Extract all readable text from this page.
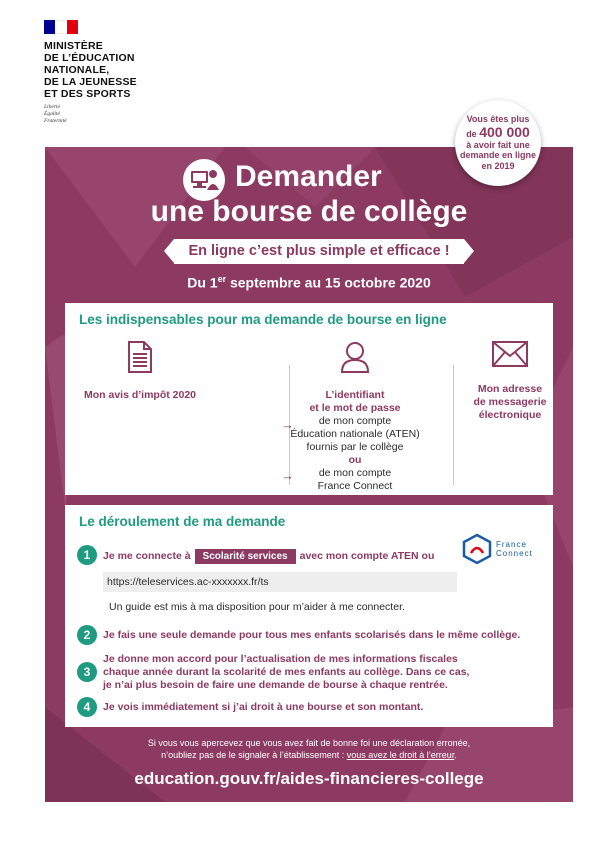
MINISTÈRE
DE L’ÉDUCATION
NATIONALE,
DE LA JEUNESSE
ET DES SPORTS
Liberté
Égalité
Fraternité
Demander
une bourse de collège
En ligne c’est plus simple et efficace !
Du 1er septembre au 15 octobre 2020
Les indispensables pour ma demande de bourse en ligne
Mon avis d’impôt 2020	L’identifiant
et le mot de passe
de mon compte
Éducation nationale (ATEN)
fournis par le collège
ou
de mon compte
France Connect
→
→
Mon adresse
de messagerie
électronique
Le déroulement de ma demande
1	Je me connecte à Scolarité services avec mon compte ATEN ou
France
Connect
https://teleservices.ac-xxxxxxx.fr/ts
Un guide est mis à ma disposition pour m’aider à me connecter.
2	Je fais une seule demande pour tous mes enfants scolarisés dans le même collège.
3
Je donne mon accord pour l’actualisation de mes informations fiscales
chaque année durant la scolarité de mes enfants au collège. Dans ce cas,
je n’ai plus besoin de faire une demande de bourse à chaque rentrée.
4	Je vois immédiatement si j’ai droit à une bourse et son montant.
Si vous vous apercevez que vous avez fait de bonne foi une déclaration erronée,
n’oubliez pas de le signaler à l’établissement : vous avez le droit à l’erreur.
education.gouv.fr/aides-financieres-college
Vous êtes plus
de 400 000
à avoir fait une
demande en ligne
en 2019
